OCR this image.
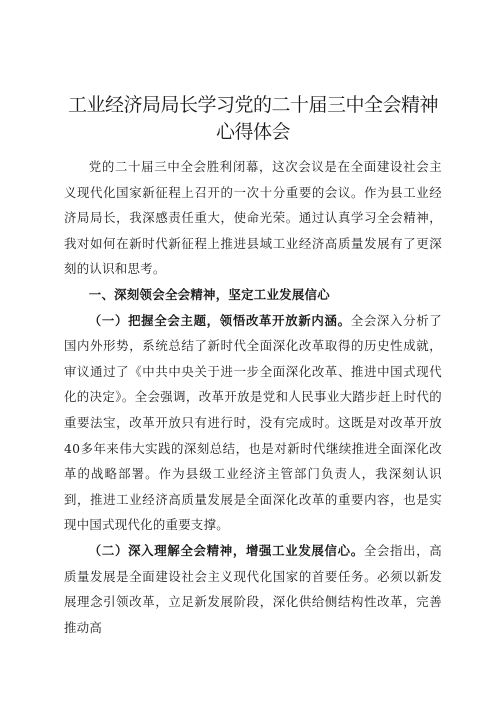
工业经济局局长学习党的二十届三中全会精神
心得体会

党的二十届三中全会胜利闭幕，这次会议是在全面建设社会主义现代化国家新征程上召开的一次十分重要的会议。作为县工业经济局局长，我深感责任重大，使命光荣。通过认真学习全会精神，我对如何在新时代新征程上推进县域工业经济高质量发展有了更深刻的认识和思考。

一、深刻领会全会精神，坚定工业发展信心

（一）把握全会主题，领悟改革开放新内涵。全会深入分析了国内外形势，系统总结了新时代全面深化改革取得的历史性成就，审议通过了《中共中央关于进一步全面深化改革、推进中国式现代化的决定》。全会强调，改革开放是党和人民事业大踏步赶上时代的重要法宝，改革开放只有进行时，没有完成时。这既是对改革开放40多年来伟大实践的深刻总结，也是对新时代继续推进全面深化改革的战略部署。作为县级工业经济主管部门负责人，我深刻认识到，推进工业经济高质量发展是全面深化改革的重要内容，也是实现中国式现代化的重要支撑。

（二）深入理解全会精神，增强工业发展信心。全会指出，高质量发展是全面建设社会主义现代化国家的首要任务。必须以新发展理念引领改革，立足新发展阶段，深化供给侧结构性改革，完善推动高
